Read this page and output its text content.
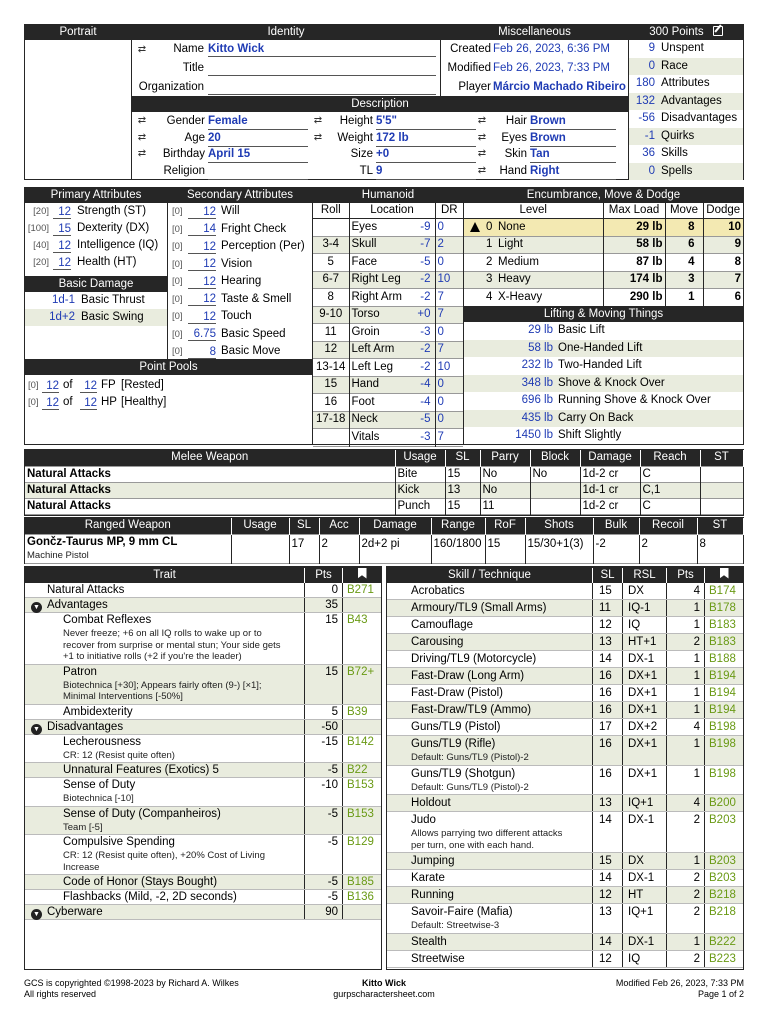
Portrait	Identity
⇄ Name Kitto Wick
Title
Organization
Miscellaneous
Created Feb 26, 2023, 6:36 PM
Modified Feb 26, 2023, 7:33 PM
Player Márcio Machado Ribeiro
300 Points
9 Unspent
0 Race
180 Attributes
132 Advantages
-56 Disadvantages
-1 Quirks
36 Skills
0 Spells
Description
⇄ Gender Female
⇄	Age 20
⇄ Birthday April 15
Religion
⇄ Height 5'5"
⇄ Weight 172 lb
Size +0
TL 9
⇄ Hair Brown
⇄ Eyes Brown
⇄ Skin Tan
⇄ Hand Right
Primary Attributes
[20] 12 Strength (ST)
[100] 15 Dexterity (DX)
[40] 12 Intelligence (IQ)
[20] 12 Health (HT)
Basic Damage
1d-1 Basic Thrust
1d+2 Basic Swing
Secondary Attributes
[0]	12 Will
[0]	14 Fright Check
[0]	12 Perception (Per)
[0]	12 Vision
[0]	12 Hearing
[0]	12 Taste & Smell
[0]	12 Touch
[0] 6.75 Basic Speed
[0]	8 Basic Move
Point Pools
[0] 12 of	12 FP [Rested]
[0] 12 of	12 HP [Healthy]
Humanoid
Roll	Location	DR
	Eyes -9	0
3-4	Skull -7	2
5	Face -5	0
6-7	Right Leg -2	10
8	Right Arm -2	7
9-10	Torso +0	7
11	Groin -3	0
12	Left Arm -2	7
13-14	Left Leg -2	10
15	Hand -4	0
16	Foot -4	0
17-18	Neck -5	0
	Vitals -3	7
Encumbrance, Move & Dodge
Level	Max Load	Move	Dodge

0 None	29 lb	8	10
1 Light	58 lb	6	9
2 Medium	87 lb	4	8
3 Heavy	174 lb	3	7
4 X-Heavy	290 lb	1	6
Lifting & Moving Things
29 lb Basic Lift
58 lb One-Handed Lift
232 lb Two-Handed Lift
348 lb Shove & Knock Over
696 lb Running Shove & Knock Over
435 lb Carry On Back
1450 lb Shift Slightly
Melee Weapon	Usage	SL	Parry	Block	Damage	Reach	ST
Natural Attacks	Bite	15	No	No	1d-2 cr	C	
Natural Attacks	Kick	13	No		1d-1 cr	C,1	
Natural Attacks	Punch	15	11		1d-2 cr	C	
Ranged Weapon	Usage	SL	Acc	Damage	Range	RoF	Shots	Bulk	Recoil	ST

Gončz-Taurus MP, 9 mm CL
Machine Pistol		17	2	2d+2 pi	160/1800	15	15/30+1(3)	-2	2	8
Trait	Pts
Natural Attacks	0 B271
▼ Advantages	35
Combat Reflexes
Never freeze; +6 on all IQ rolls to wake up or to
recover from surprise or mental stun; Your side gets
+1 to initiative rolls (+2 if you're the leader)
15 B43
Patron
Biotechnica [+30]; Appears fairly often (9-) [×1];
Minimal Interventions [-50%]
15 B72+
Ambidexterity	5 B39
▼ Disadvantages	-50
Lecherousness
CR: 12 (Resist quite often)
-15 B142
Unnatural Features (Exotics) 5	-5 B22
Sense of Duty
Biotechnica [-10]
-10 B153
Sense of Duty (Companheiros)
Team [-5]
-5 B153
Compulsive Spending
CR: 12 (Resist quite often), +20% Cost of Living
Increase
-5 B129
Code of Honor (Stays Bought)	-5 B185
Flashbacks (Mild, -2, 2D seconds)	-5 B136
▼ Cyberware	90
Skill / Technique	SL	RSL	Pts
Acrobatics	15	DX	4 B174
Armoury/TL9 (Small Arms)	11	IQ-1	1 B178
Camouflage	12	IQ	1 B183
Carousing	13	HT+1	2 B183
Driving/TL9 (Motorcycle)	14	DX-1	1 B188
Fast-Draw (Long Arm)	16	DX+1	1 B194
Fast-Draw (Pistol)	16	DX+1	1 B194
Fast-Draw/TL9 (Ammo)	16	DX+1	1 B194
Guns/TL9 (Pistol)	17	DX+2	4 B198
Guns/TL9 (Rifle)
Default: Guns/TL9 (Pistol)-2
16	DX+1	1 B198
Guns/TL9 (Shotgun)
Default: Guns/TL9 (Pistol)-2
16	DX+1	1 B198
Holdout	13	IQ+1	4 B200
Judo
Allows parrying two different attacks
per turn, one with each hand.
14	DX-1	2 B203
Jumping	15	DX	1 B203
Karate	14	DX-1	2 B203
Running	12	HT	2 B218
Savoir-Faire (Mafia)
Default: Streetwise-3
13	IQ+1	2 B218
Stealth	14	DX-1	1 B222
Streetwise	12	IQ	2 B223
GCS is copyrighted ©1998-2023 by Richard A. Wilkes
All rights reserved
Kitto Wick
gurpscharactersheet.com
Modified Feb 26, 2023, 7:33 PM
Page 1 of 2
